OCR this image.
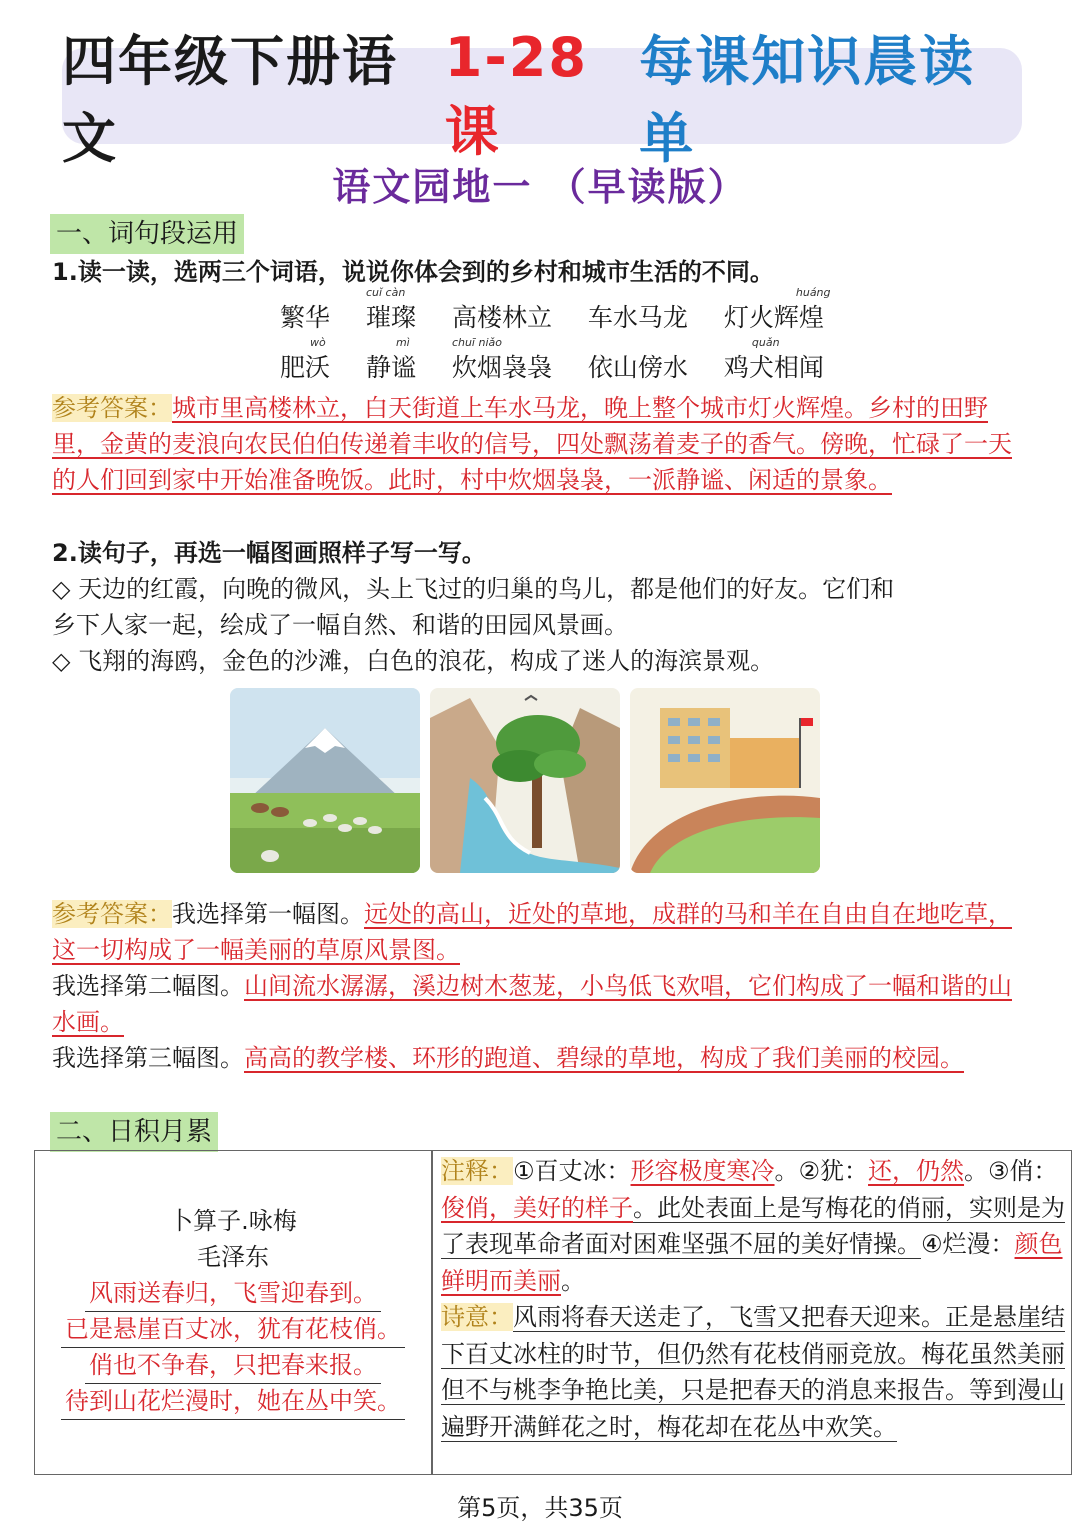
四年级下册语文
1-28课
每课知识晨读单
语文园地一 （早读版）
一、词句段运用
1.读一读，选两三个词语，说说你体会到的乡村和城市生活的不同。
繁华
cuǐ càn
璀璨 高楼林立 车水马龙
huáng
灯火辉煌
wò
肥沃
mì
静谧
chuī niǎo
炊烟袅袅 依山傍水
quǎn
鸡犬相闻
参考答案：城市里高楼林立，白天街道上车水马龙，晚上整个城市灯火辉煌。乡村的田野里，金黄的麦浪向农民伯伯传递着丰收的信号，四处飘荡着麦子的香气。傍晚，忙碌了一天的人们回到家中开始准备晚饭。此时，村中炊烟袅袅，一派静谧、闲适的景象。
2.读句子，再选一幅图画照样子写一写。
◇ 天边的红霞，向晚的微风，头上飞过的归巢的鸟儿，都是他们的好友。它们和
乡下人家一起，绘成了一幅自然、和谐的田园风景画。
◇ 飞翔的海鸥，金色的沙滩，白色的浪花，构成了迷人的海滨景观。
参考答案：我选择第一幅图。远处的高山，近处的草地，成群的马和羊在自由自在地吃草，这一切构成了一幅美丽的草原风景图。
我选择第二幅图。山间流水潺潺，溪边树木葱茏，小鸟低飞欢唱，它们构成了一幅和谐的山水画。
我选择第三幅图。高高的教学楼、环形的跑道、碧绿的草地，构成了我们美丽的校园。
二、日积月累
卜算子.咏梅
毛泽东
风雨送春归，飞雪迎春到。
已是悬崖百丈冰，犹有花枝俏。
俏也不争春，只把春来报。
待到山花烂漫时，她在丛中笑。
注释：①百丈冰：形容极度寒冷。②犹：还，仍然。③俏：俊俏，美好的样子。此处表面上是写梅花的俏丽，实则是为了表现革命者面对困难坚强不屈的美好情操。④烂漫：颜色鲜明而美丽。
诗意：风雨将春天送走了，飞雪又把春天迎来。正是悬崖结下百丈冰柱的时节，但仍然有花枝俏丽竞放。梅花虽然美丽但不与桃李争艳比美，只是把春天的消息来报告。等到漫山遍野开满鲜花之时，梅花却在花丛中欢笑。
第5页，共35页
